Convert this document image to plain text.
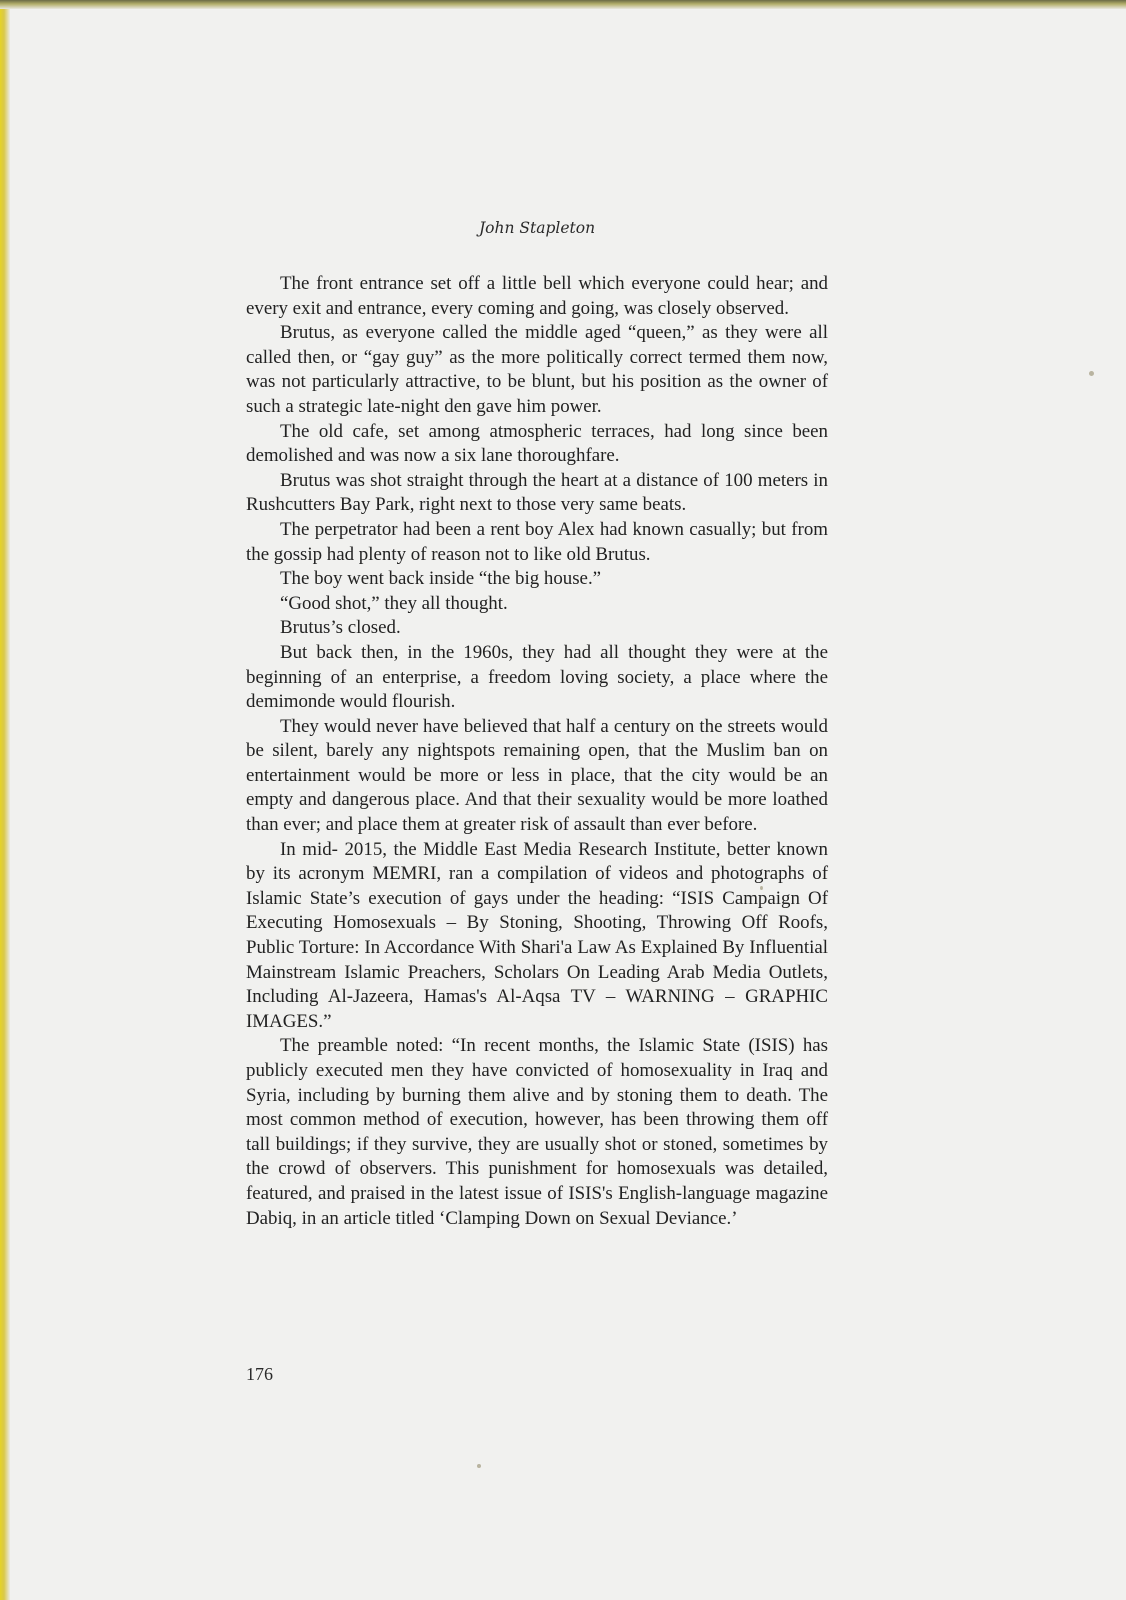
John Stapleton

The front entrance set off a little bell which everyone could hear; and every exit and entrance, every coming and going, was closely observed.

Brutus, as everyone called the middle aged “queen,” as they were all called then, or “gay guy” as the more politically correct termed them now, was not particularly attractive, to be blunt, but his position as the owner of such a strategic late-night den gave him power.

The old cafe, set among atmospheric terraces, had long since been demolished and was now a six lane thoroughfare.

Brutus was shot straight through the heart at a distance of 100 meters in Rushcutters Bay Park, right next to those very same beats.

The perpetrator had been a rent boy Alex had known casually; but from the gossip had plenty of reason not to like old Brutus.

The boy went back inside “the big house.”

“Good shot,” they all thought.

Brutus’s closed.

But back then, in the 1960s, they had all thought they were at the beginning of an enterprise, a freedom loving society, a place where the demimonde would flourish.

They would never have believed that half a century on the streets would be silent, barely any nightspots remaining open, that the Muslim ban on entertainment would be more or less in place, that the city would be an empty and dangerous place. And that their sexuality would be more loathed than ever; and place them at greater risk of assault than ever before.

In mid- 2015, the Middle East Media Research Institute, better known by its acronym MEMRI, ran a compilation of videos and photographs of Islamic State’s execution of gays under the heading: “ISIS Campaign Of Executing Homosexuals – By Stoning, Shooting, Throwing Off Roofs, Public Torture: In Accordance With Shari'a Law As Explained By Influential Mainstream Islamic Preachers, Scholars On Leading Arab Media Outlets, Including Al-Jazeera, Hamas's Al-Aqsa TV – WARNING – GRAPHIC IMAGES.”

The preamble noted: “In recent months, the Islamic State (ISIS) has publicly executed men they have convicted of homosexuality in Iraq and Syria, including by burning them alive and by stoning them to death. The most common method of execution, however, has been throwing them off tall buildings; if they survive, they are usually shot or stoned, sometimes by the crowd of observers. This punishment for homosexuals was detailed, featured, and praised in the latest issue of ISIS's English-language magazine Dabiq, in an article titled ‘Clamping Down on Sexual Deviance.’

176
